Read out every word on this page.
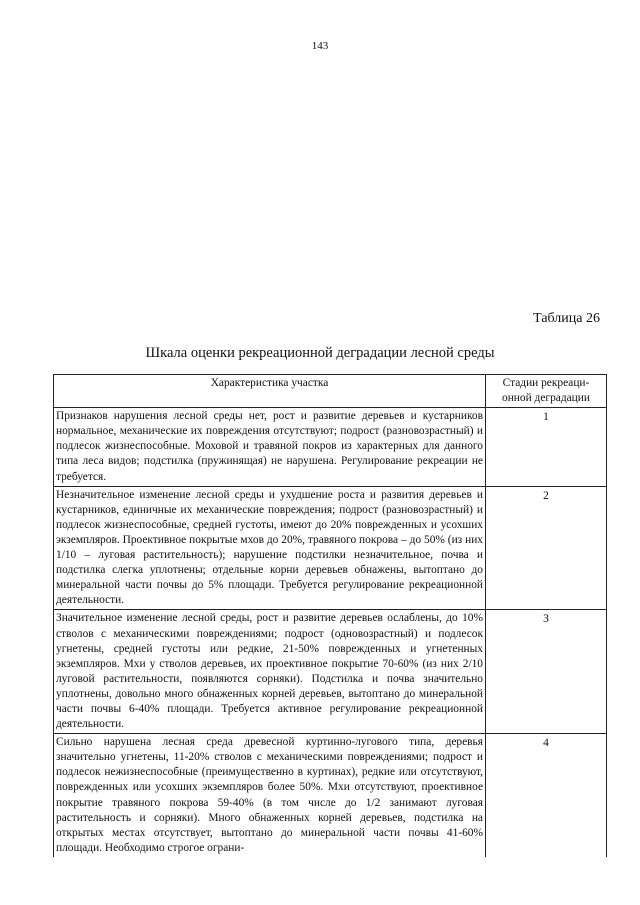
143
Таблица 26
Шкала оценки рекреационной деградации лесной среды
Характеристика участка	Стадии рекреаци-онной деградации
Признаков нарушения лесной среды нет, рост и развитие деревьев и кустарников нормальное, механические их повреждения отсутствуют; подрост (разновозрастный) и подлесок жизнеспособные. Моховой и травяной покров из характерных для данного типа леса видов; подстилка (пружинящая) не нарушена. Регулирование рекреации не требуется.	1
Незначительное изменение лесной среды и ухудшение роста и развития деревьев и кустарников, единичные их механические повреждения; подрост (разновозрастный) и подлесок жизнеспособные, средней густоты, имеют до 20% поврежденных и усохших экземпляров. Проективное покрытые мхов до 20%, травяного покрова – до 50% (из них 1/10 – луговая растительность); нарушение подстилки незначительное, почва и подстилка слегка уплотнены; отдельные корни деревьев обнажены, вытоптано до минеральной части почвы до 5% площади. Требуется регулирование рекреационной деятельности.	2
Значительное изменение лесной среды, рост и развитие деревьев ослаблены, до 10% стволов с механическими повреждениями; подрост (одновозрастный) и подлесок угнетены, средней густоты или редкие, 21-50% поврежденных и угнетенных экземпляров. Мхи у стволов деревьев, их проективное покрытие 70-60% (из них 2/10 луговой растительности, появляются сорняки). Подстилка и почва значительно уплотнены, довольно много обнаженных корней деревьев, вытоптано до минеральной части почвы 6-40% площади. Требуется активное регулирование рекреационной деятельности.	3
Сильно нарушена лесная среда древесной куртинно-лугового типа, деревья значительно угнетены, 11-20% стволов с механическими повреждениями; подрост и подлесок нежизнеспособные (преимущественно в куртинах), редкие или отсутствуют, поврежденных или усохших экземпляров более 50%. Мхи отсутствуют, проективное покрытие травяного покрова 59-40% (в том числе до 1/2 занимают луговая растительность и сорняки). Много обнаженных корней деревьев, подстилка на открытых местах отсутствует, вытоптано до минеральной части почвы 41-60% площади. Необходимо строгое ограни-	4
